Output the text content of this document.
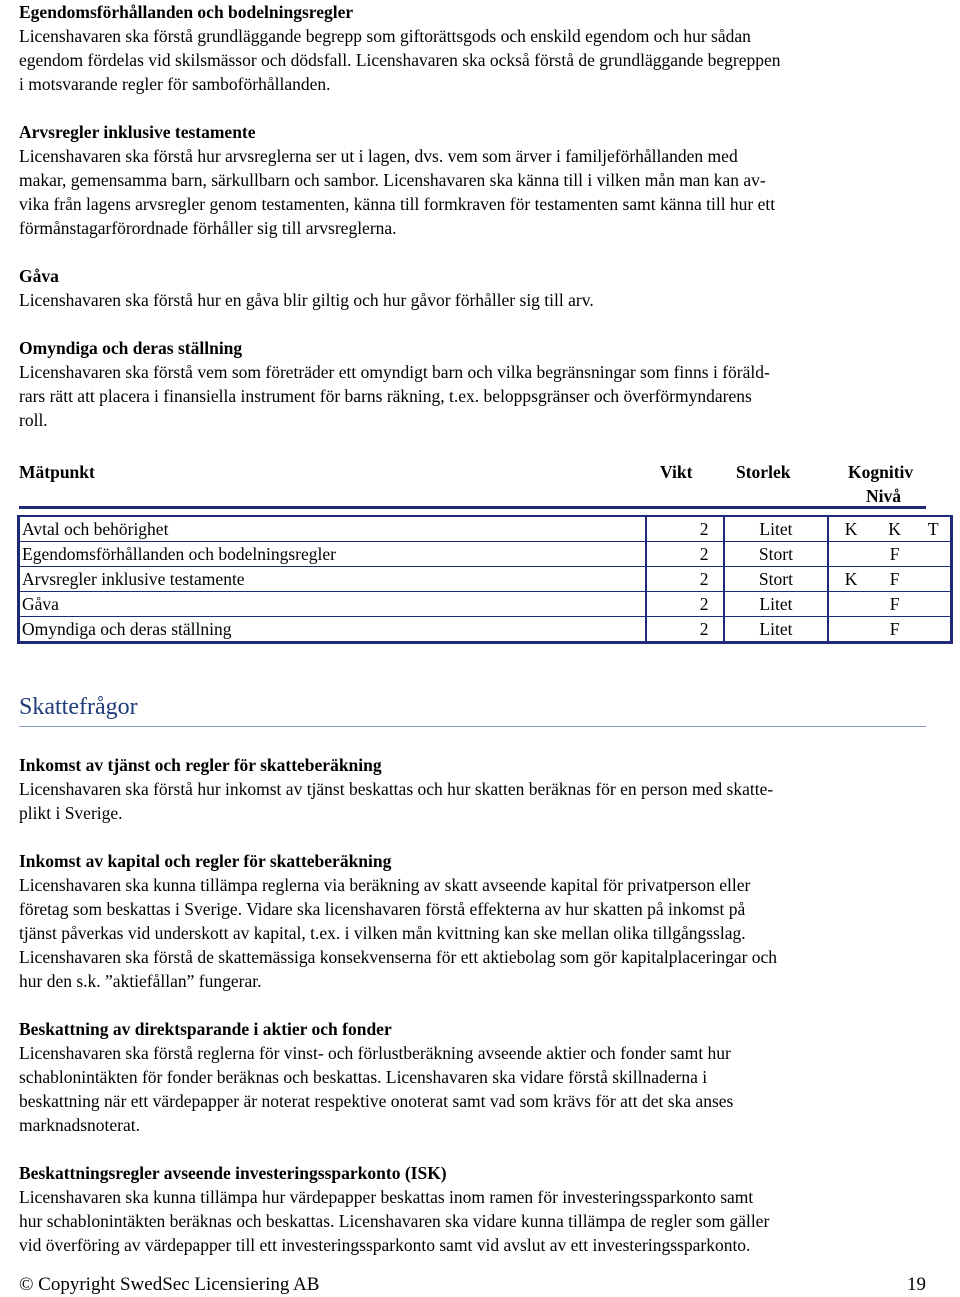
Egendomsförhållanden och bodelningsregler
Licenshavaren ska förstå grundläggande begrepp som giftorättsgods och enskild egendom och hur sådan
egendom fördelas vid skilsmässor och dödsfall. Licenshavaren ska också förstå de grundläggande begreppen
i motsvarande regler för samboförhållanden.
Arvsregler inklusive testamente
Licenshavaren ska förstå hur arvsreglerna ser ut i lagen, dvs. vem som ärver i familjeförhållanden med
makar, gemensamma barn, särkullbarn och sambor. Licenshavaren ska känna till i vilken mån man kan av-
vika från lagens arvsregler genom testamenten, känna till formkraven för testamenten samt känna till hur ett
förmånstagarförordnade förhåller sig till arvsreglerna.
Gåva
Licenshavaren ska förstå hur en gåva blir giltig och hur gåvor förhåller sig till arv.
Omyndiga och deras ställning
Licenshavaren ska förstå vem som företräder ett omyndigt barn och vilka begränsningar som finns i föräld-
rars rätt att placera i finansiella instrument för barns räkning, t.ex. beloppsgränser och överförmyndarens
roll.
Mätpunkt	Vikt Storlek	Kognitiv
Nivå
Avtal och behörighet	2	Litet	K	K	T
Egendomsförhållanden och bodelningsregler	2	Stort		F	
Arvsregler inklusive testamente	2	Stort	K	F	
Gåva	2	Litet		F	
Omyndiga och deras ställning	2	Litet		F	
Skattefrågor
Inkomst av tjänst och regler för skatteberäkning
Licenshavaren ska förstå hur inkomst av tjänst beskattas och hur skatten beräknas för en person med skatte-
plikt i Sverige.
Inkomst av kapital och regler för skatteberäkning
Licenshavaren ska kunna tillämpa reglerna via beräkning av skatt avseende kapital för privatperson eller
företag som beskattas i Sverige. Vidare ska licenshavaren förstå effekterna av hur skatten på inkomst på
tjänst påverkas vid underskott av kapital, t.ex. i vilken mån kvittning kan ske mellan olika tillgångsslag.
Licenshavaren ska förstå de skattemässiga konsekvenserna för ett aktiebolag som gör kapitalplaceringar och
hur den s.k. ”aktiefållan” fungerar.
Beskattning av direktsparande i aktier och fonder
Licenshavaren ska förstå reglerna för vinst- och förlustberäkning avseende aktier och fonder samt hur
schablonintäkten för fonder beräknas och beskattas. Licenshavaren ska vidare förstå skillnaderna i
beskattning när ett värdepapper är noterat respektive onoterat samt vad som krävs för att det ska anses
marknadsnoterat.
Beskattningsregler avseende investeringssparkonto (ISK)
Licenshavaren ska kunna tillämpa hur värdepapper beskattas inom ramen för investeringssparkonto samt
hur schablonintäkten beräknas och beskattas. Licenshavaren ska vidare kunna tillämpa de regler som gäller
vid överföring av värdepapper till ett investeringssparkonto samt vid avslut av ett investeringssparkonto.
© Copyright SwedSec Licensiering AB	19
